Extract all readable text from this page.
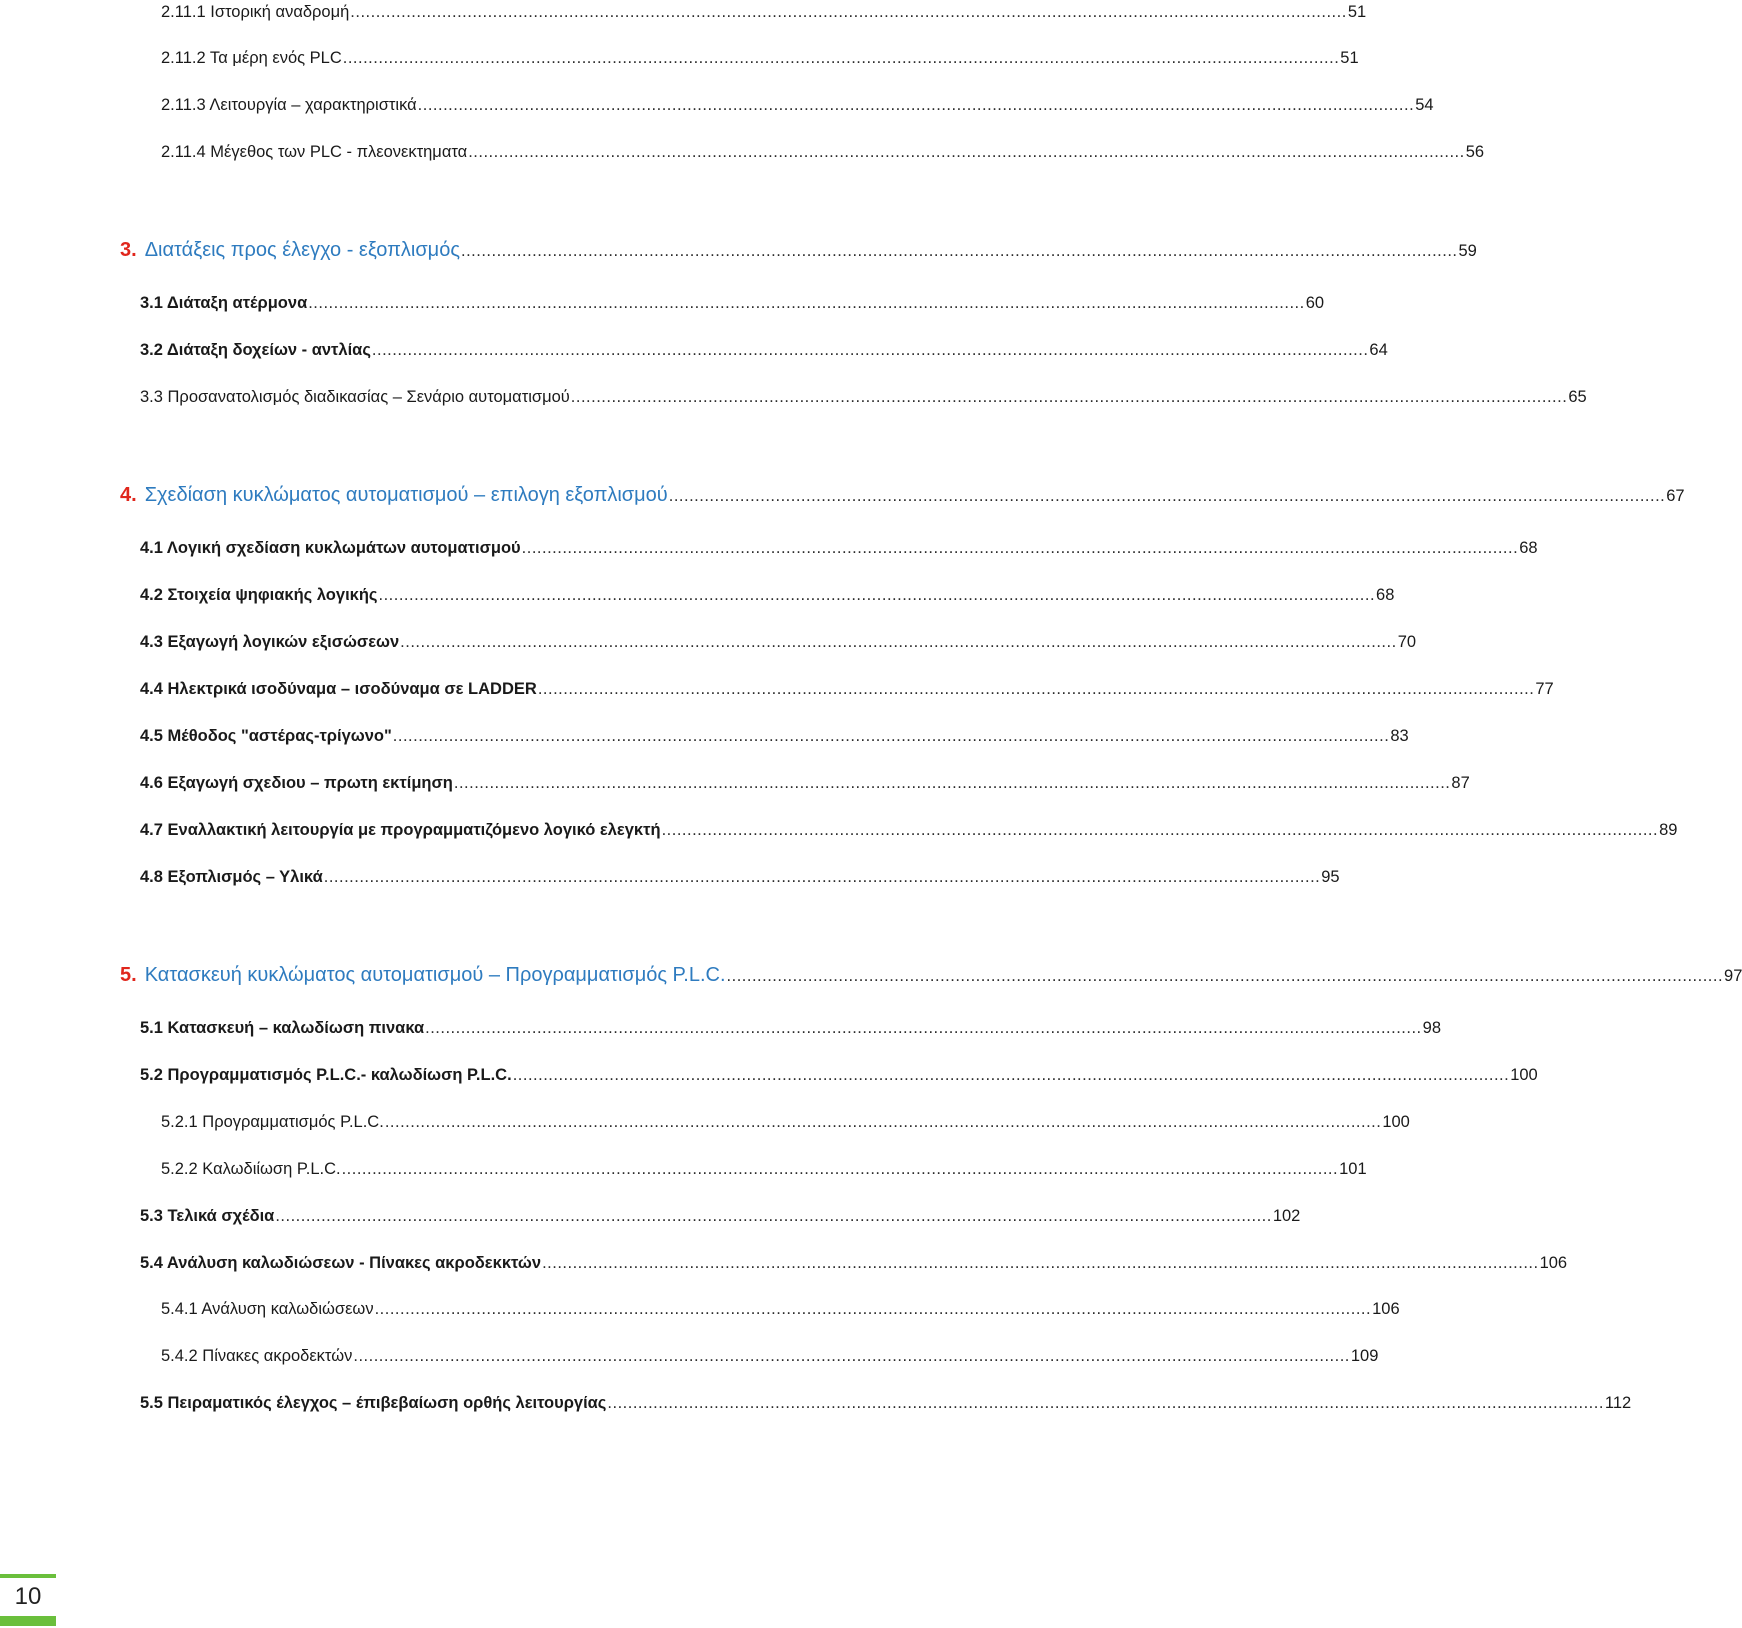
2.11.1 Ιστορική αναδρομή .................................................................................................................................................................................................... 51
2.11.2 Τα μέρη ενός PLC .................................................................................................................................................................................................... 51
2.11.3 Λειτουργία – χαρακτηριστικά .................................................................................................................................................................................................... 54
2.11.4 Μέγεθος των PLC - πλεονεκτηματα .................................................................................................................................................................................................... 56
3. Διατάξεις προς έλεγχο - εξοπλισμός .................................................................................................................................................................................................... 59
3.1 Διάταξη ατέρμονα .................................................................................................................................................................................................... 60
3.2 Διάταξη δοχείων - αντλίας .................................................................................................................................................................................................... 64
3.3 Προσανατολισμός διαδικασίας – Σενάριο αυτοματισμού .................................................................................................................................................................................................... 65
4. Σχεδίαση κυκλώματος αυτοματισμού – επιλογη εξοπλισμού .................................................................................................................................................................................................... 67
4.1 Λογική σχεδίαση κυκλωμάτων αυτοματισμού .................................................................................................................................................................................................... 68
4.2 Στοιχεία ψηφιακής λογικής .................................................................................................................................................................................................... 68
4.3 Εξαγωγή λογικών εξισώσεων .................................................................................................................................................................................................... 70
4.4 Ηλεκτρικά ισοδύναμα – ισοδύναμα σε LADDER .................................................................................................................................................................................................... 77
4.5 Μέθοδος "αστέρας-τρίγωνο" .................................................................................................................................................................................................... 83
4.6 Εξαγωγή σχεδιου – πρωτη εκτίμηση .................................................................................................................................................................................................... 87
4.7 Εναλλακτική λειτουργία με προγραμματιζόμενο λογικό ελεγκτή .................................................................................................................................................................................................... 89
4.8 Εξοπλισμός – Υλικά .................................................................................................................................................................................................... 95
5. Κατασκευή κυκλώματος αυτοματισμού – Προγραμματισμός P.L.C. .................................................................................................................................................................................................... 97
5.1 Κατασκευή – καλωδίωση πινακα .................................................................................................................................................................................................... 98
5.2 Προγραμματισμός P.L.C.- καλωδίωση P.L.C. .................................................................................................................................................................................................... 100
5.2.1 Προγραμματισμός P.L.C. .................................................................................................................................................................................................... 100
5.2.2 Καλωδιίωση P.L.C. .................................................................................................................................................................................................... 101
5.3 Τελικά σχέδια .................................................................................................................................................................................................... 102
5.4 Ανάλυση καλωδιώσεων - Πίνακες ακροδεκκτών .................................................................................................................................................................................................... 106
5.4.1 Ανάλυση καλωδιώσεων .................................................................................................................................................................................................... 106
5.4.2 Πίνακες ακροδεκτών .................................................................................................................................................................................................... 109
5.5 Πειραματικός έλεγχος – έπιβεβαίωση ορθής λειτουργίας .................................................................................................................................................................................................... 112
10
